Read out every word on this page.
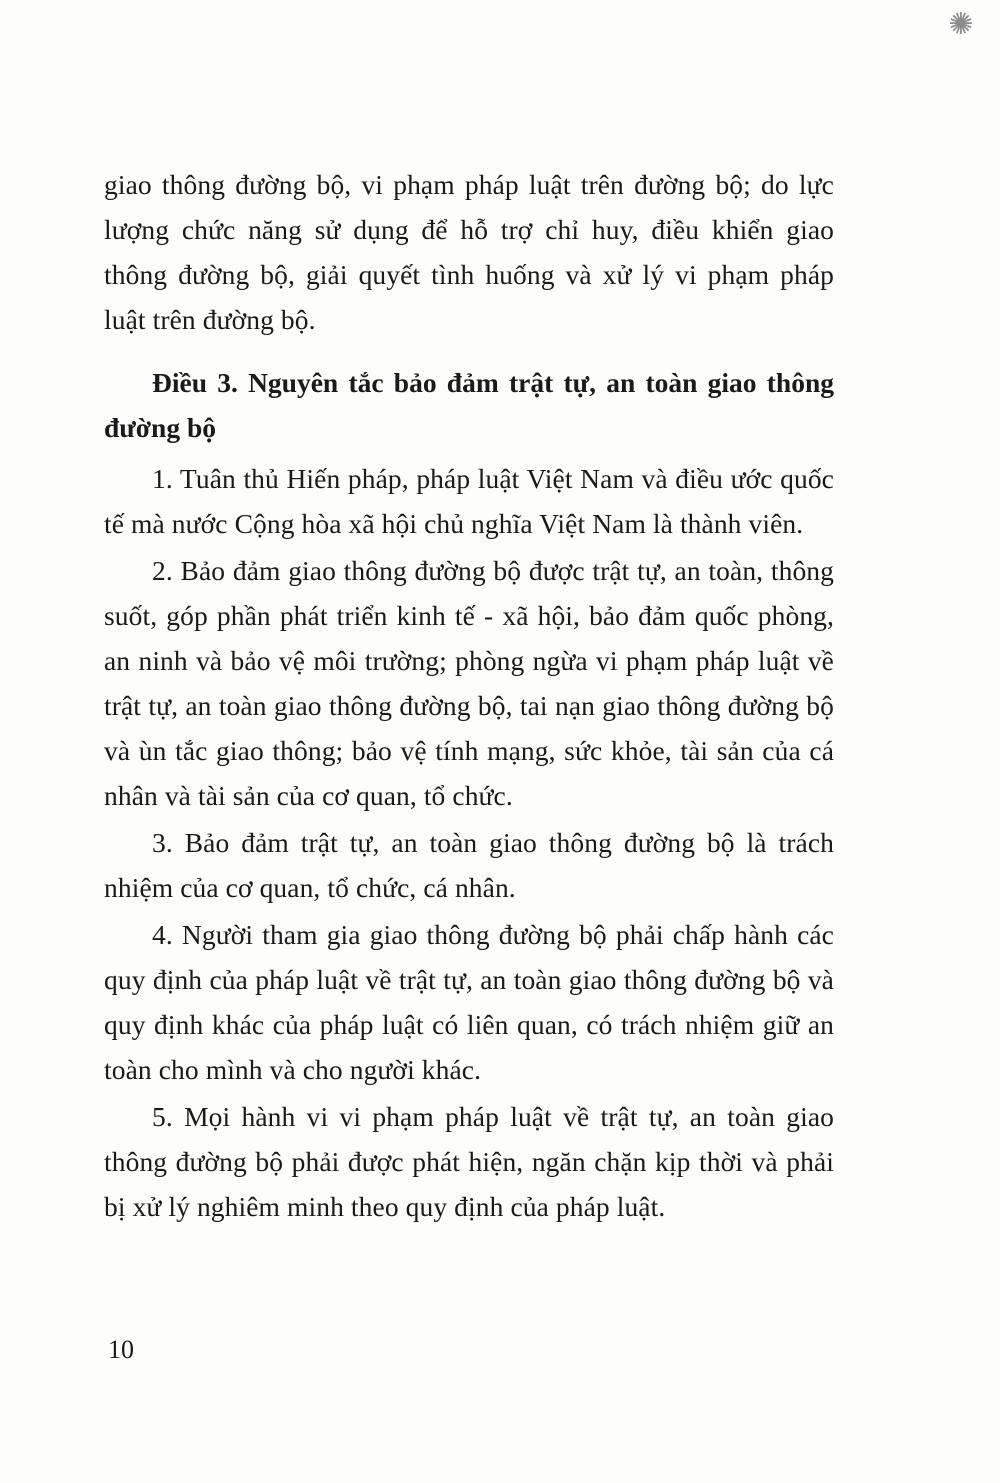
✺

giao thông đường bộ, vi phạm pháp luật trên đường bộ; do lực lượng chức năng sử dụng để hỗ trợ chỉ huy, điều khiển giao thông đường bộ, giải quyết tình huống và xử lý vi phạm pháp luật trên đường bộ.

Điều 3. Nguyên tắc bảo đảm trật tự, an toàn giao thông đường bộ

1. Tuân thủ Hiến pháp, pháp luật Việt Nam và điều ước quốc tế mà nước Cộng hòa xã hội chủ nghĩa Việt Nam là thành viên.

2. Bảo đảm giao thông đường bộ được trật tự, an toàn, thông suốt, góp phần phát triển kinh tế - xã hội, bảo đảm quốc phòng, an ninh và bảo vệ môi trường; phòng ngừa vi phạm pháp luật về trật tự, an toàn giao thông đường bộ, tai nạn giao thông đường bộ và ùn tắc giao thông; bảo vệ tính mạng, sức khỏe, tài sản của cá nhân và tài sản của cơ quan, tổ chức.

3. Bảo đảm trật tự, an toàn giao thông đường bộ là trách nhiệm của cơ quan, tổ chức, cá nhân.

4. Người tham gia giao thông đường bộ phải chấp hành các quy định của pháp luật về trật tự, an toàn giao thông đường bộ và quy định khác của pháp luật có liên quan, có trách nhiệm giữ an toàn cho mình và cho người khác.

5. Mọi hành vi vi phạm pháp luật về trật tự, an toàn giao thông đường bộ phải được phát hiện, ngăn chặn kịp thời và phải bị xử lý nghiêm minh theo quy định của pháp luật.

10
